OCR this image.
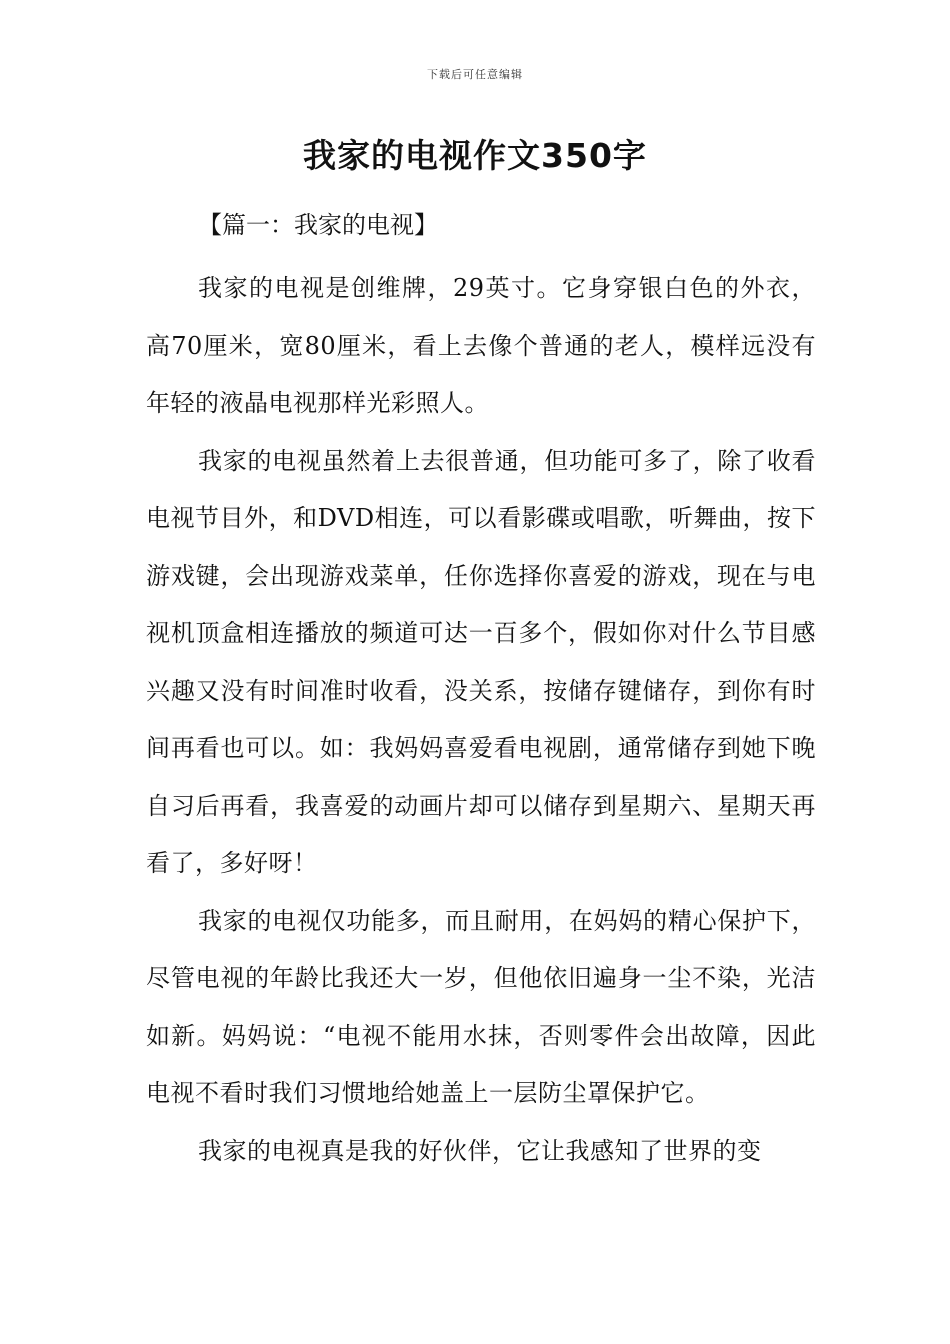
下载后可任意编辑
我家的电视作文350字

【篇一：我家的电视】

我家的电视是创维牌，29英寸。它身穿银白色的外衣，高70厘米，宽80厘米，看上去像个普通的老人，模样远没有年轻的液晶电视那样光彩照人。

我家的电视虽然着上去很普通，但功能可多了，除了收看电视节目外，和DVD相连，可以看影碟或唱歌，听舞曲，按下游戏键，会出现游戏菜单，任你选择你喜爱的游戏，现在与电视机顶盒相连播放的频道可达一百多个，假如你对什么节目感兴趣又没有时间准时收看，没关系，按储存键储存，到你有时间再看也可以。如：我妈妈喜爱看电视剧，通常储存到她下晚自习后再看，我喜爱的动画片却可以储存到星期六、星期天再看了，多好呀！

我家的电视仅功能多，而且耐用，在妈妈的精心保护下，尽管电视的年龄比我还大一岁，但他依旧遍身一尘不染，光洁如新。妈妈说：“电视不能用水抹，否则零件会出故障，因此电视不看时我们习惯地给她盖上一层防尘罩保护它。

我家的电视真是我的好伙伴，它让我感知了世界的变
